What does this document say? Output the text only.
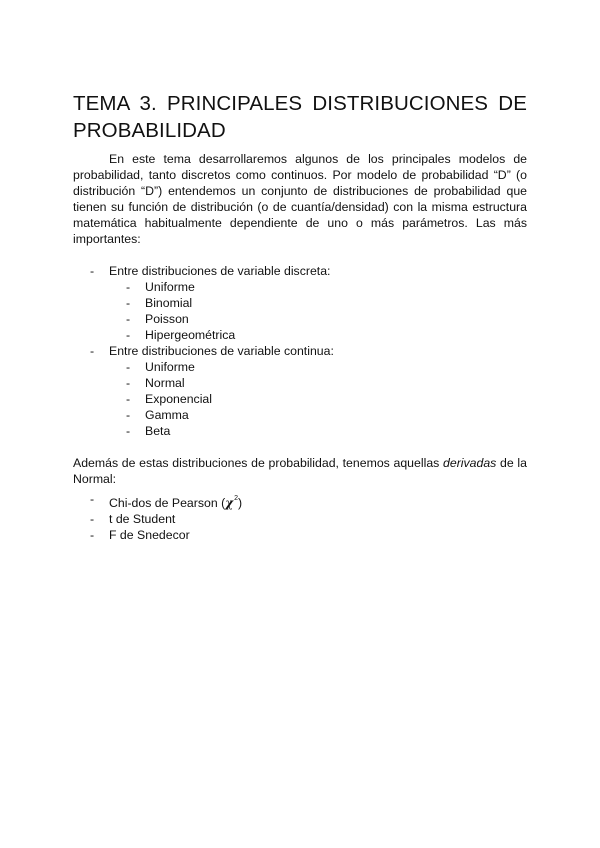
TEMA 3. PRINCIPALES DISTRIBUCIONES DE PROBABILIDAD

En este tema desarrollaremos algunos de los principales modelos de probabilidad, tanto discretos como continuos. Por modelo de probabilidad “D” (o distribución “D”) entendemos un conjunto de distribuciones de probabilidad que tienen su función de distribución (o de cuantía/densidad) con la misma estructura matemática habitualmente dependiente de uno o más parámetros. Las más importantes:

-	Entre distribuciones de variable discreta:
-	Uniforme
-	Binomial
-	Poisson
-	Hipergeométrica
-	Entre distribuciones de variable continua:
-	Uniforme
-	Normal
-	Exponencial
-	Gamma
-	Beta

Además de estas distribuciones de probabilidad, tenemos aquellas derivadas de la Normal:

-	Chi-dos de Pearson $(\chi^2)$
-	t de Student
-	F de Snedecor
